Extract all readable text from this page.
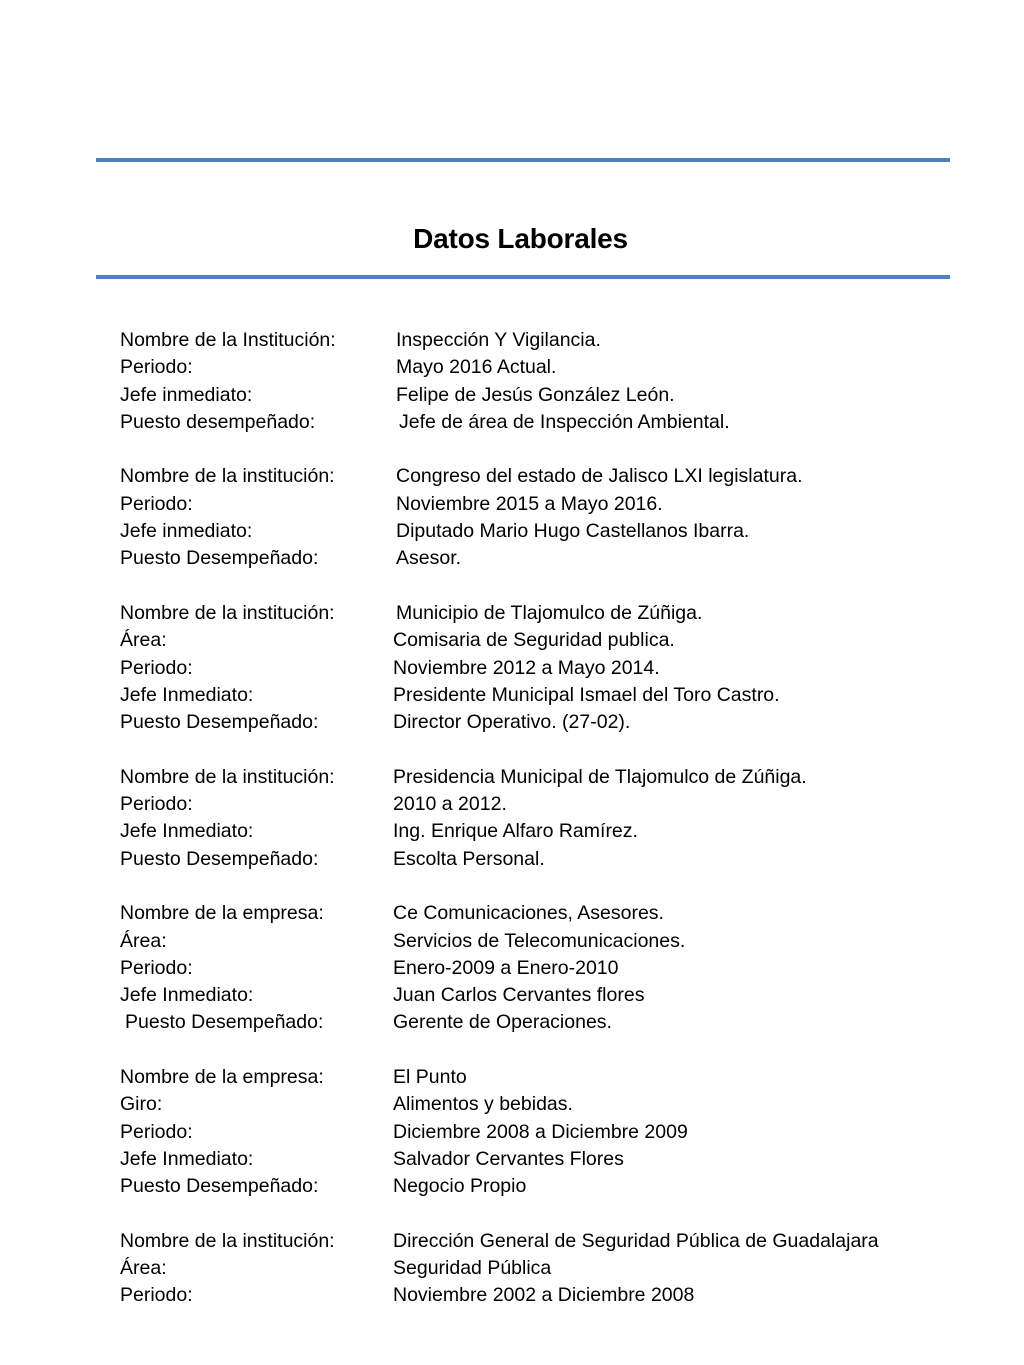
Datos Laborales
Nombre de la Institución:	Inspección Y Vigilancia.
Periodo:	Mayo 2016 Actual.
Jefe inmediato:	Felipe de Jesús González León.
Puesto desempeñado:	Jefe de área de Inspección Ambiental.
Nombre de la institución:	Congreso del estado de Jalisco LXI legislatura.
Periodo:	Noviembre 2015 a Mayo 2016.
Jefe inmediato:	Diputado Mario Hugo Castellanos Ibarra.
Puesto Desempeñado:	Asesor.
Nombre de la institución:	Municipio de Tlajomulco de Zúñiga.
Área:	Comisaria de Seguridad publica.
Periodo:	Noviembre 2012 a Mayo 2014.
Jefe Inmediato:	Presidente Municipal Ismael del Toro Castro.
Puesto Desempeñado:	Director Operativo. (27-02).
Nombre de la institución:	Presidencia Municipal de Tlajomulco de Zúñiga.
Periodo:	2010 a 2012.
Jefe Inmediato:	Ing. Enrique Alfaro Ramírez.
Puesto Desempeñado:	Escolta Personal.
Nombre de la empresa:	Ce Comunicaciones, Asesores.
Área:	Servicios de Telecomunicaciones.
Periodo:	Enero-2009 a Enero-2010
Jefe Inmediato:	Juan Carlos Cervantes flores
Puesto Desempeñado:	Gerente de Operaciones.
Nombre de la empresa:	El Punto
Giro:	Alimentos y bebidas.
Periodo:	Diciembre 2008 a Diciembre 2009
Jefe Inmediato:	Salvador Cervantes Flores
Puesto Desempeñado:	Negocio Propio
Nombre de la institución:	Dirección General de Seguridad Pública de Guadalajara
Área:	Seguridad Pública
Periodo:	Noviembre 2002 a Diciembre 2008
